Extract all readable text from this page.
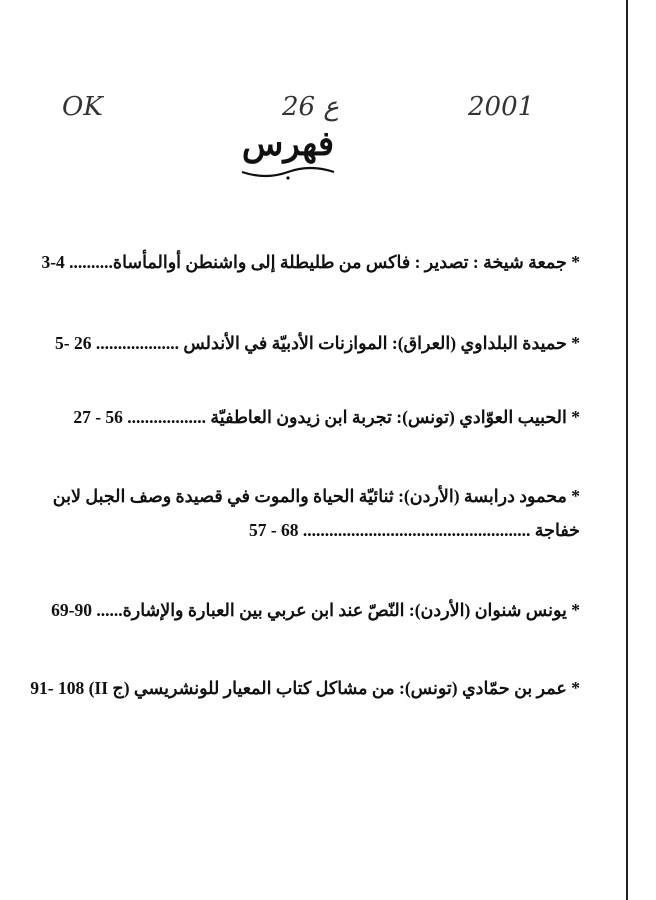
OK	26 ع	2001
فهرس
* جمعة شيخة : تصدير : فاكس من طليطلة إلى واشنطن أوالمأساة.......... 3-4
* حميدة البلداوي (العراق): الموازنات الأدبيّة في الأندلس ................... 5- 26
* الحبيب العوّادي (تونس): تجربة ابن زيدون العاطفيّة .................. 27 - 56
* محمود درابسة (الأردن): ثنائيّة الحياة والموت في قصيدة وصف الجبل لابن
خفاجة .................................................... 57 - 68
* يونس شنوان (الأردن): النّصّ عند ابن عربي بين العبارة والإشارة...... 69-90
* عمر بن حمّادي (تونس): من مشاكل كتاب المعيار للونشريسي (ج II) 91- 108
